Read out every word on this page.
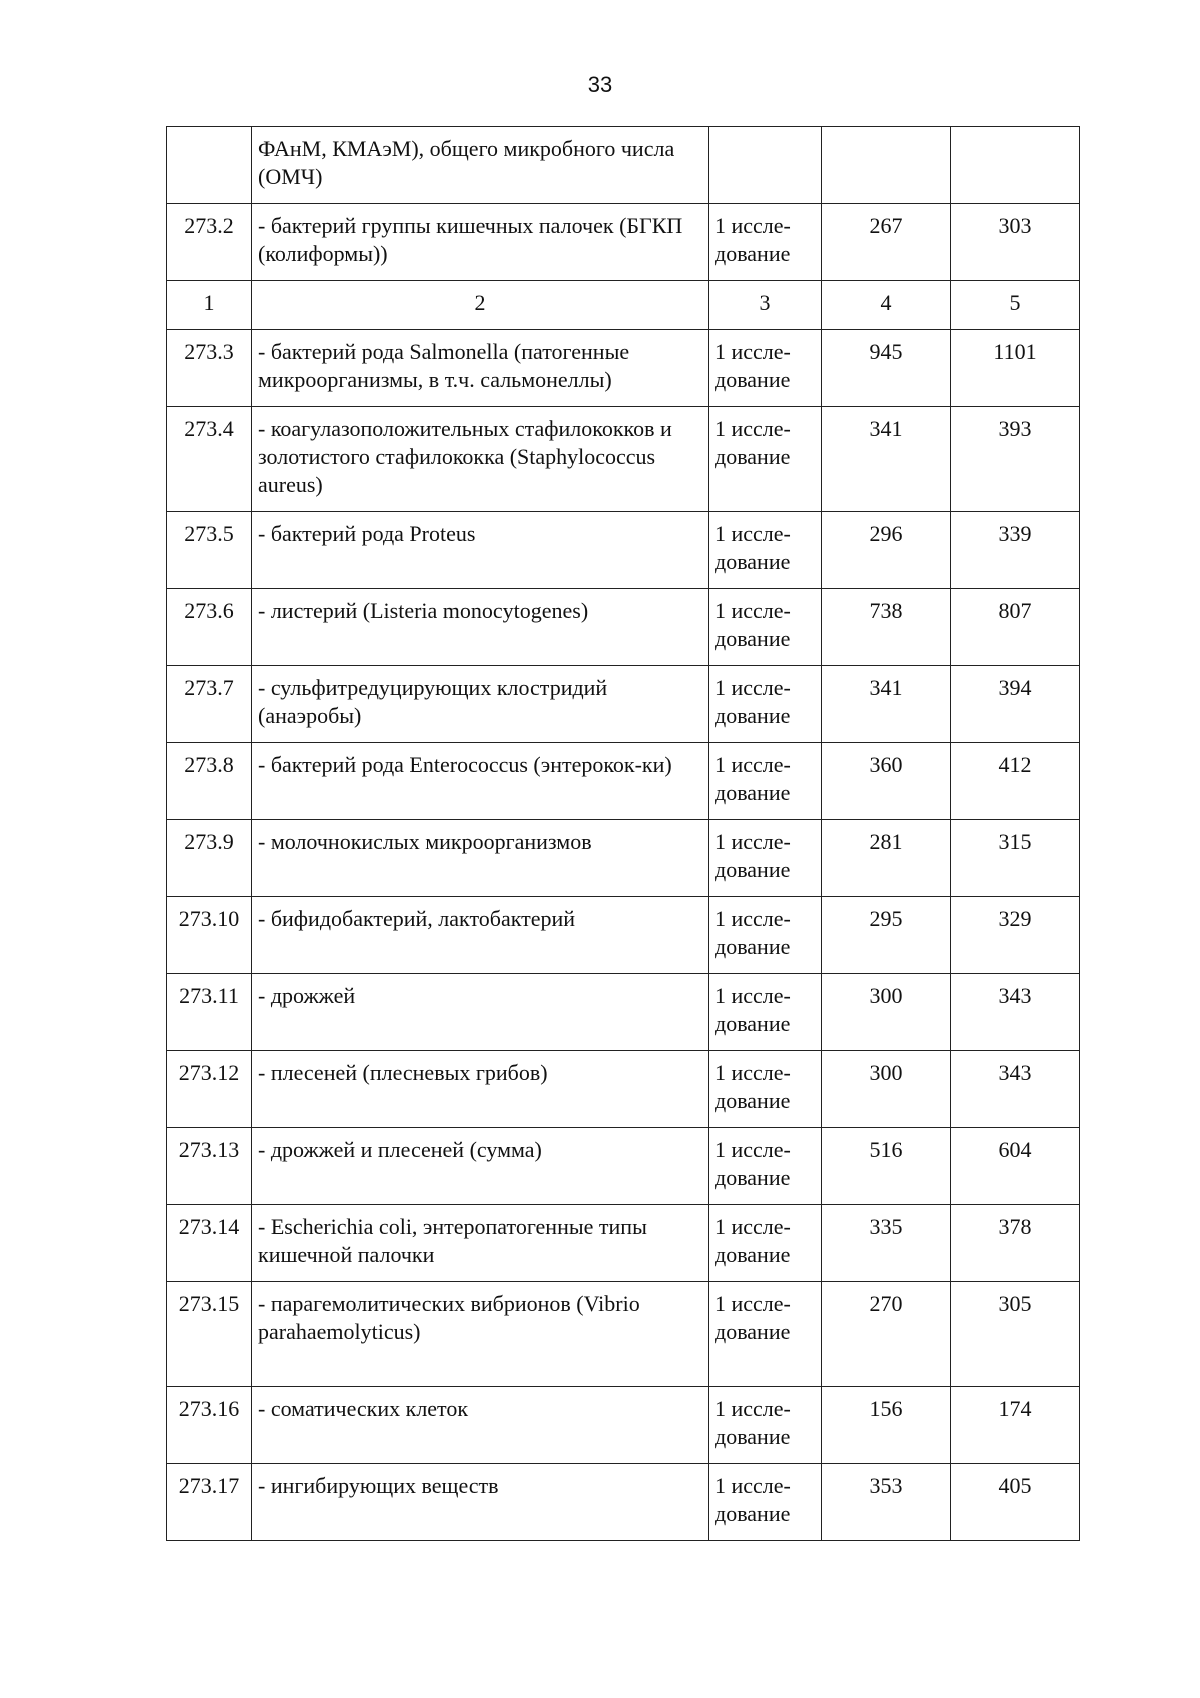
33
	ФАнМ, КМАэМ), общего микробного числа (ОМЧ)			
273.2	- бактерий группы кишечных палочек (БГКП (колиформы))	1 иссле-дование	267	303
1	2	3	4	5
273.3	- бактерий рода Salmonella (патогенные микроорганизмы, в т.ч. сальмонеллы)	1 иссле-дование	945	1101
273.4	- коагулазоположительных стафилококков и золотистого стафилококка (Staphylococcus aureus)	1 иссле-дование	341	393
273.5	- бактерий рода Proteus	1 иссле-дование	296	339
273.6	- листерий (Listeria monocytogenes)	1 иссле-дование	738	807
273.7	- сульфитредуцирующих клостридий (анаэробы)	1 иссле-дование	341	394
273.8	- бактерий рода Enterococcus (энтерокок-ки)	1 иссле-дование	360	412
273.9	- молочнокислых микроорганизмов	1 иссле-дование	281	315
273.10	- бифидобактерий, лактобактерий	1 иссле-дование	295	329
273.11	- дрожжей	1 иссле-дование	300	343
273.12	- плесеней (плесневых грибов)	1 иссле-дование	300	343
273.13	- дрожжей и плесеней (сумма)	1 иссле-дование	516	604
273.14	- Escherichia coli, энтеропатогенные типы кишечной палочки	1 иссле-дование	335	378
273.15	- парагемолитических вибрионов (Vibrio parahaemolyticus)	1 иссле-дование	270	305
273.16	- соматических клеток	1 иссле-дование	156	174
273.17	- ингибирующих веществ	1 иссле-дование	353	405
